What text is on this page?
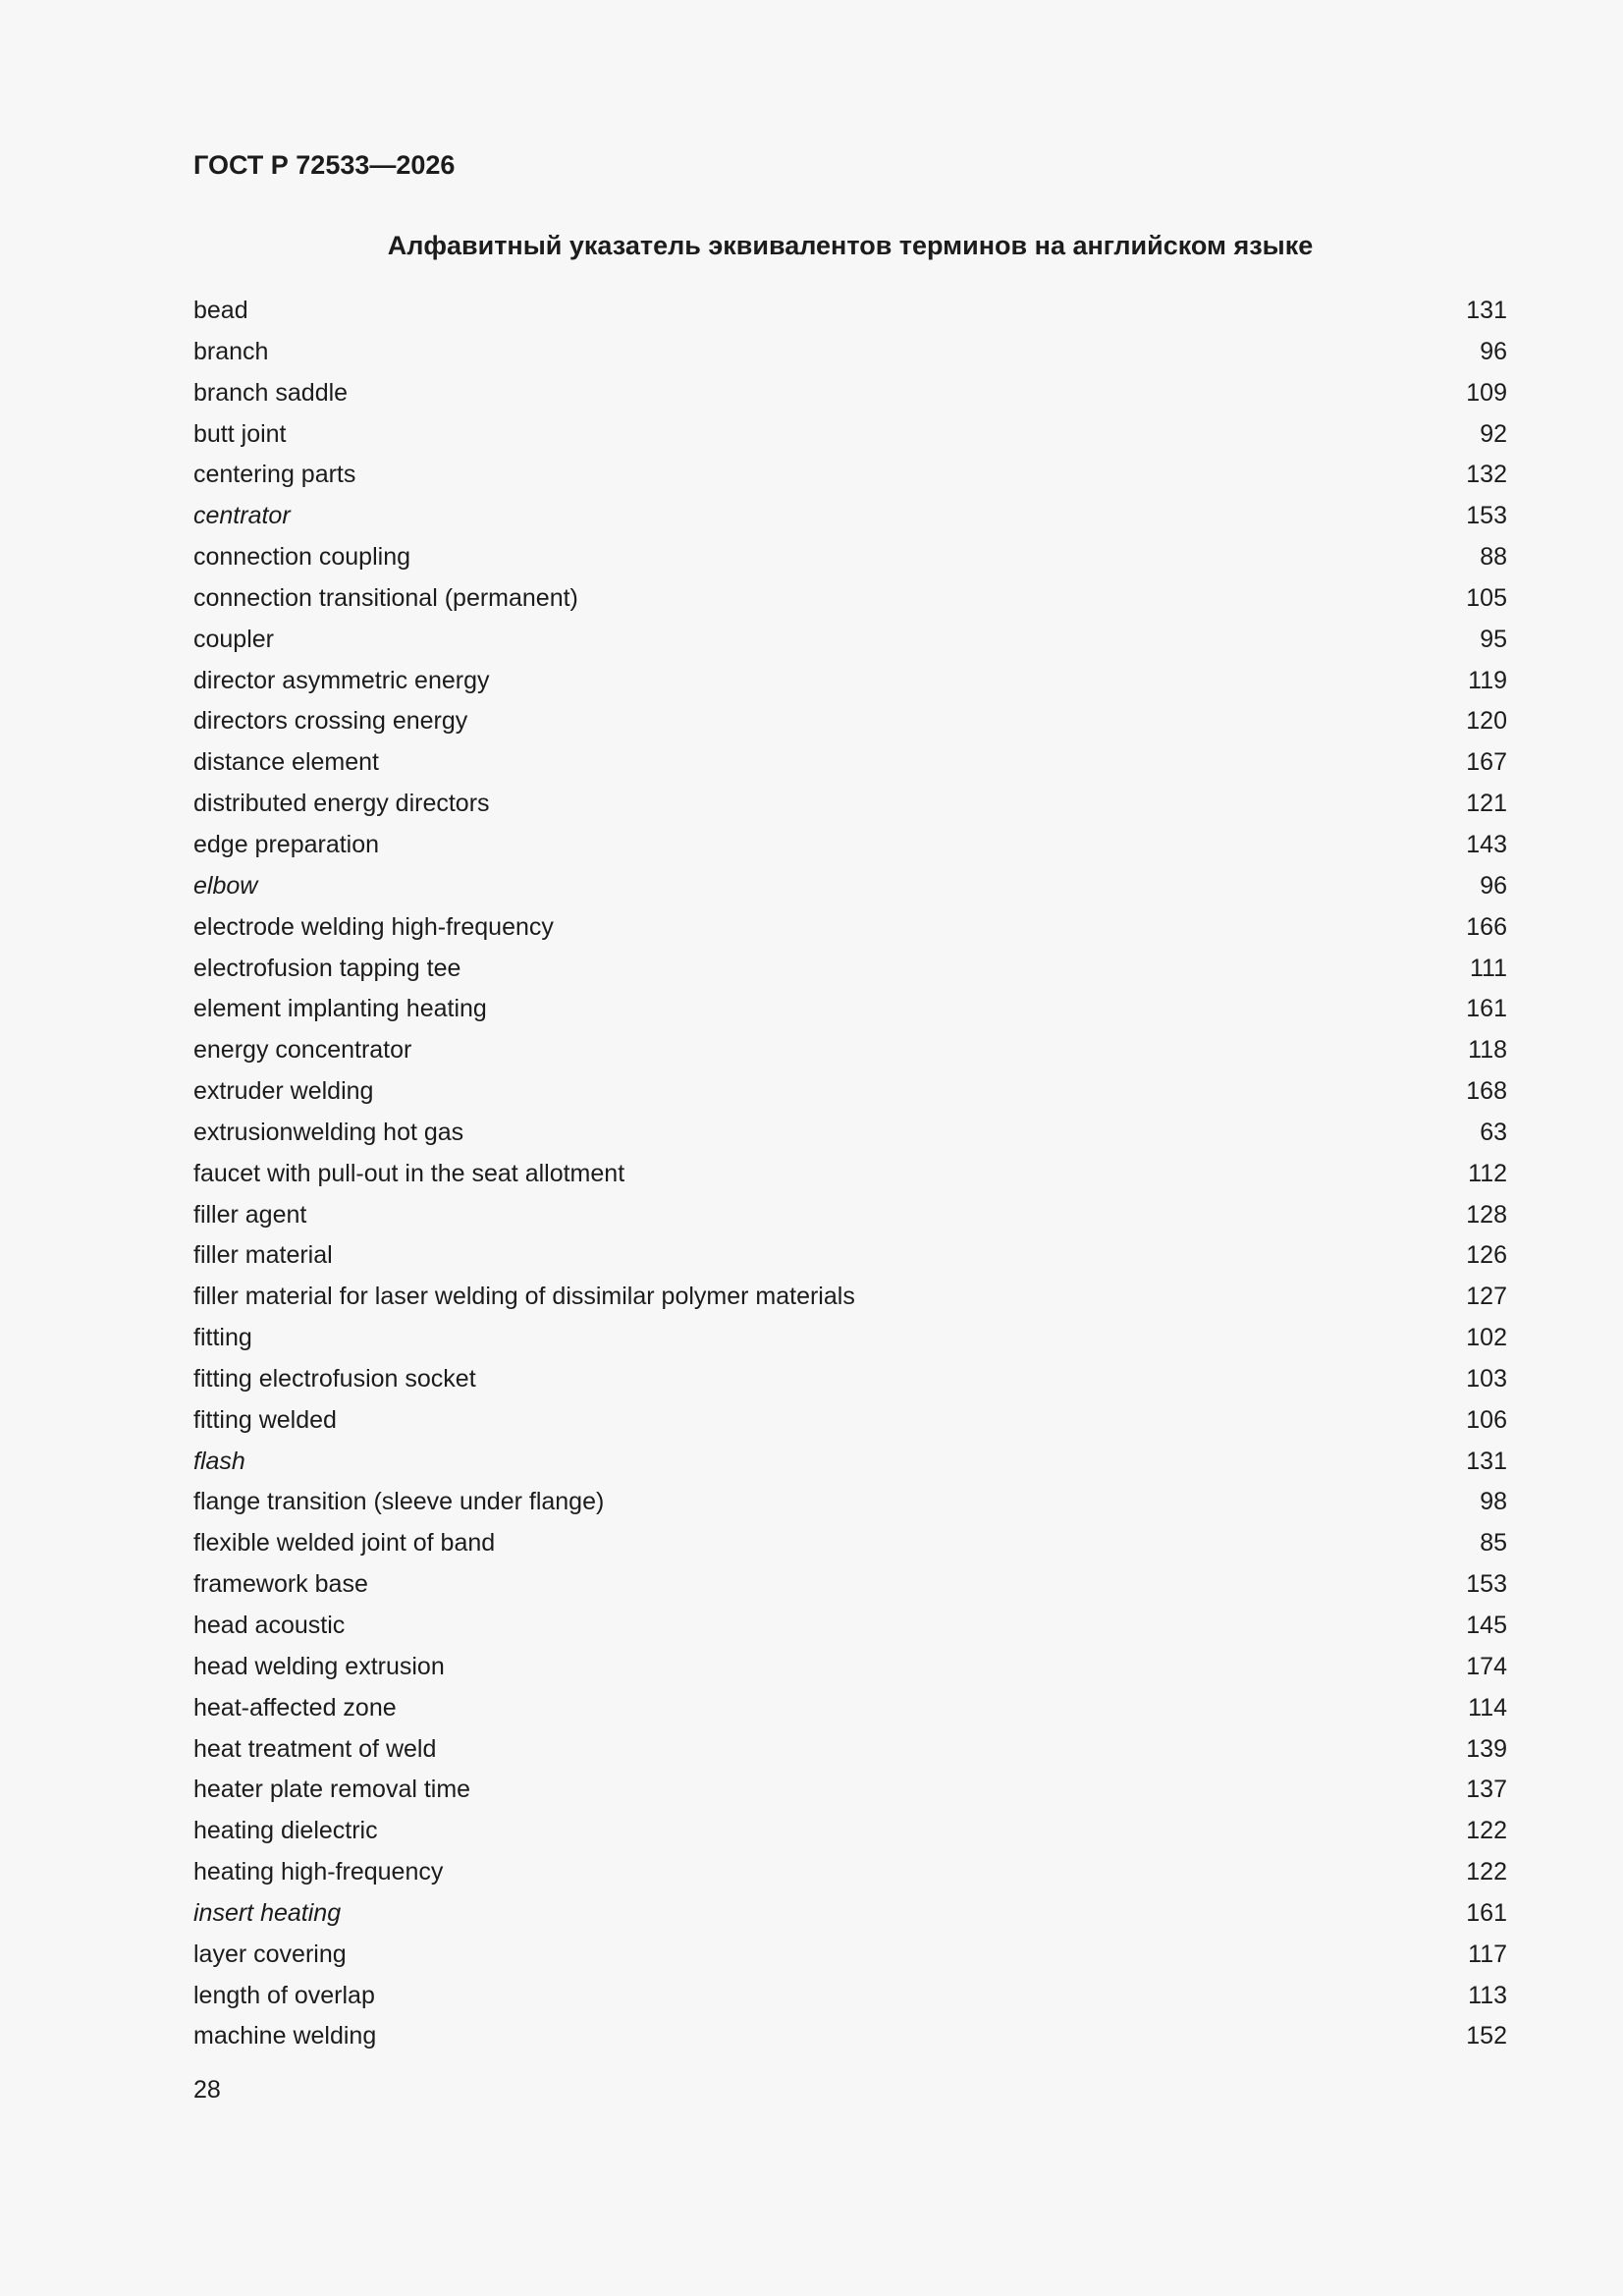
ГОСТ Р 72533—2026
Алфавитный указатель эквивалентов терминов на английском языке
bead	131
branch	96
branch saddle	109
butt joint	92
centering parts	132
centrator	153
connection coupling	88
connection transitional (permanent)	105
coupler	95
director asymmetric energy	119
directors crossing energy	120
distance element	167
distributed energy directors	121
edge preparation	143
elbow	96
electrode welding high-frequency	166
electrofusion tapping tee	111
element implanting heating	161
energy concentrator	118
extruder welding	168
extrusionwelding hot gas	63
faucet with pull-out in the seat allotment	112
filler agent	128
filler material	126
filler material for laser welding of dissimilar polymer materials	127
fitting	102
fitting electrofusion socket	103
fitting welded	106
flash	131
flange transition (sleeve under flange)	98
flexible welded joint of band	85
framework base	153
head acoustic	145
head welding extrusion	174
heat-affected zone	114
heat treatment of weld	139
heater plate removal time	137
heating dielectric	122
heating high-frequency	122
insert heating	161
layer covering	117
length of overlap	113
machine welding	152

28
